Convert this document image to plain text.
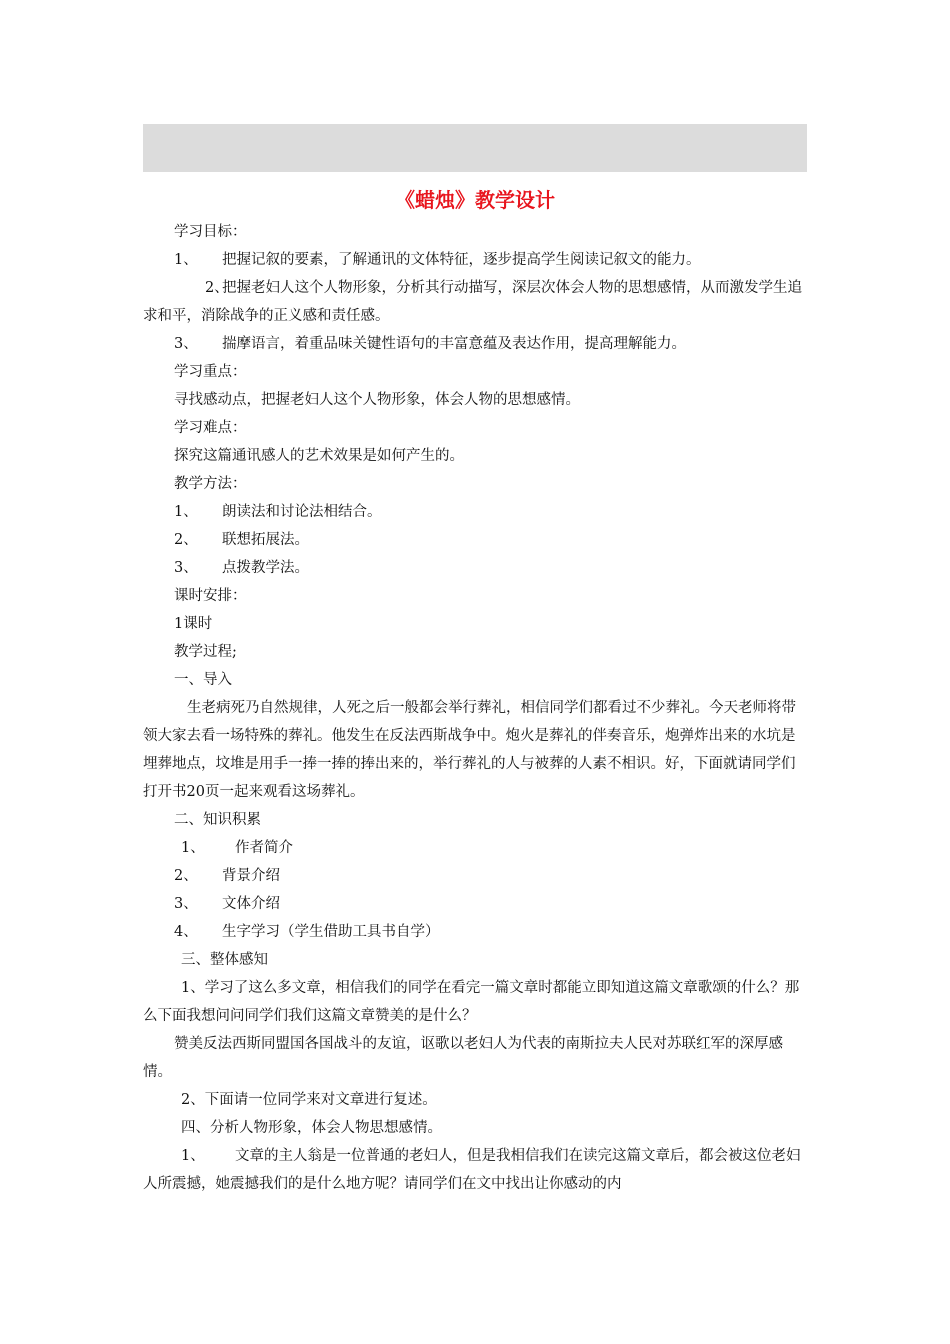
《蜡烛》教学设计
学习目标：
1、 把握记叙的要素，了解通讯的文体特征，逐步提高学生阅读记叙文的能力。
2、把握老妇人这个人物形象，分析其行动描写，深层次体会人物的思想感情，从而激发学生追求和平，消除战争的正义感和责任感。
3、 揣摩语言，着重品味关键性语句的丰富意蕴及表达作用，提高理解能力。
学习重点：
寻找感动点，把握老妇人这个人物形象，体会人物的思想感情。
学习难点：
探究这篇通讯感人的艺术效果是如何产生的。
教学方法：
1、 朗读法和讨论法相结合。
2、 联想拓展法。
3、 点拨教学法。
课时安排：
1课时
教学过程;
一、导入
生老病死乃自然规律，人死之后一般都会举行葬礼，相信同学们都看过不少葬礼。今天老师将带领大家去看一场特殊的葬礼。他发生在反法西斯战争中。炮火是葬礼的伴奏音乐，炮弹炸出来的水坑是埋葬地点，坟堆是用手一捧一捧的捧出来的，举行葬礼的人与被葬的人素不相识。好，下面就请同学们打开书20页一起来观看这场葬礼。
二、知识积累
1、 作者简介
2、 背景介绍
3、 文体介绍
4、 生字学习（学生借助工具书自学）
三、整体感知
1、学习了这么多文章，相信我们的同学在看完一篇文章时都能立即知道这篇文章歌颂的什么？那么下面我想问问同学们我们这篇文章赞美的是什么？
赞美反法西斯同盟国各国战斗的友谊，讴歌以老妇人为代表的南斯拉夫人民对苏联红军的深厚感情。
2、下面请一位同学来对文章进行复述。
四、分析人物形象，体会人物思想感情。
1、 文章的主人翁是一位普通的老妇人，但是我相信我们在读完这篇文章后，都会被这位老妇人所震撼，她震撼我们的是什么地方呢？请同学们在文中找出让你感动的内
